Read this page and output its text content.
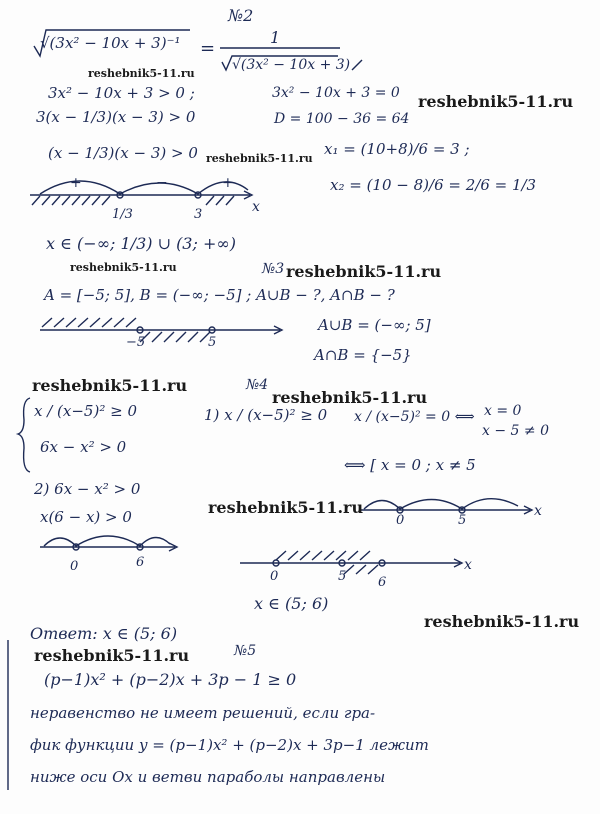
№2
√(3x² − 10x + 3)⁻¹ =
1
√(3x² − 10x + 3)
reshebnik5-11.ru
3x² − 10x + 3 > 0 ;	3x² − 10x + 3 = 0 reshebnik5-11.ru
3(x − 1/3)(x − 3) > 0	D = 100 − 36 = 64
(x − 1/3)(x − 3) > 0 reshebnik5-11.ru
x₁ = (10+8)/6 = 3 ;
x₂ = (10 − 8)/6 = 2/6 = 1/3
+	−	+
1/3	3	x
x ∈ (−∞; 1/3) ∪ (3; +∞)
reshebnik5-11.ru	№3 reshebnik5-11.ru
A = [−5; 5], B = (−∞; −5] ; A∪B − ?, A∩B − ?
A∪B = (−∞; 5]
−5	5
A∩B = {−5}
reshebnik5-11.ru	№4
reshebnik5-11.ru
x / (x−5)² ≥ 0
6x − x² > 0
1) x / (x−5)² ≥ 0 x / (x−5)² = 0 ⟺ x = 0
x − 5 ≠ 0
⟺ [ x = 0 ; x ≠ 5
2) 6x − x² > 0
x(6 − x) > 0	reshebnik5-11.ru
0	5
x
0	6
0	5 6
x
x ∈ (5; 6)
reshebnik5-11.ru
Ответ: x ∈ (5; 6)
reshebnik5-11.ru	№5
(p−1)x² + (p−2)x + 3p − 1 ≥ 0
неравенство не имеет решений, если гра-
фик функции y = (p−1)x² + (p−2)x + 3p−1 лежит
ниже оси Ox и ветви параболы направлены
